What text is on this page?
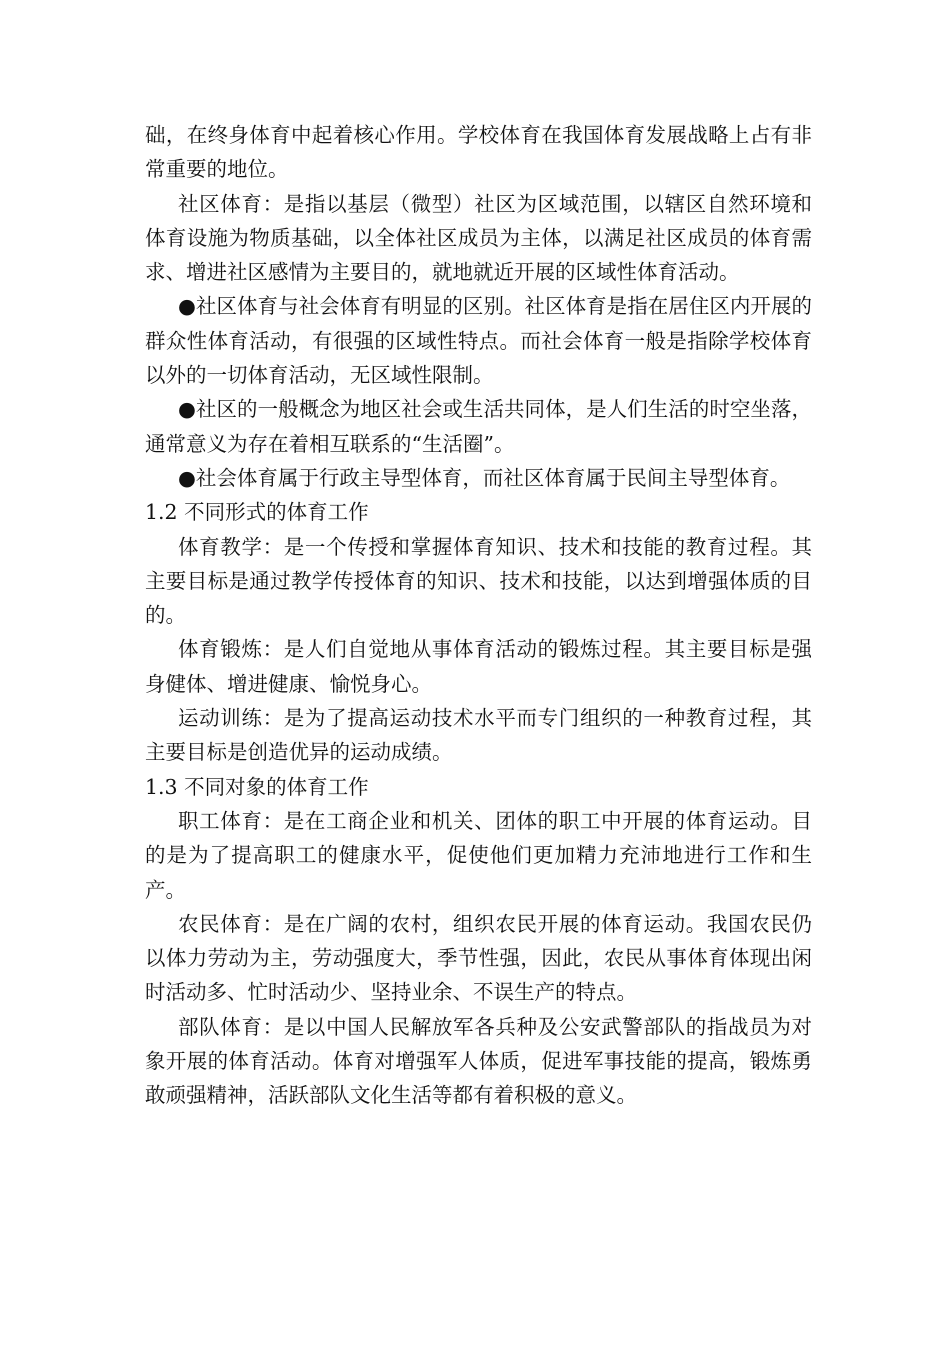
础，在终身体育中起着核心作用。学校体育在我国体育发展战略上占有非常重要的地位。

社区体育：是指以基层（微型）社区为区域范围，以辖区自然环境和体育设施为物质基础，以全体社区成员为主体，以满足社区成员的体育需求、增进社区感情为主要目的，就地就近开展的区域性体育活动。

●社区体育与社会体育有明显的区别。社区体育是指在居住区内开展的群众性体育活动，有很强的区域性特点。而社会体育一般是指除学校体育以外的一切体育活动，无区域性限制。

●社区的一般概念为地区社会或生活共同体，是人们生活的时空坐落，通常意义为存在着相互联系的“生活圈”。

●社会体育属于行政主导型体育，而社区体育属于民间主导型体育。

1.2 不同形式的体育工作

体育教学：是一个传授和掌握体育知识、技术和技能的教育过程。其主要目标是通过教学传授体育的知识、技术和技能，以达到增强体质的目的。

体育锻炼：是人们自觉地从事体育活动的锻炼过程。其主要目标是强身健体、增进健康、愉悦身心。

运动训练：是为了提高运动技术水平而专门组织的一种教育过程，其主要目标是创造优异的运动成绩。

1.3 不同对象的体育工作

职工体育：是在工商企业和机关、团体的职工中开展的体育运动。目的是为了提高职工的健康水平，促使他们更加精力充沛地进行工作和生产。

农民体育：是在广阔的农村，组织农民开展的体育运动。我国农民仍以体力劳动为主，劳动强度大，季节性强，因此，农民从事体育体现出闲时活动多、忙时活动少、坚持业余、不误生产的特点。

部队体育：是以中国人民解放军各兵种及公安武警部队的指战员为对象开展的体育活动。体育对增强军人体质，促进军事技能的提高，锻炼勇敢顽强精神，活跃部队文化生活等都有着积极的意义。
